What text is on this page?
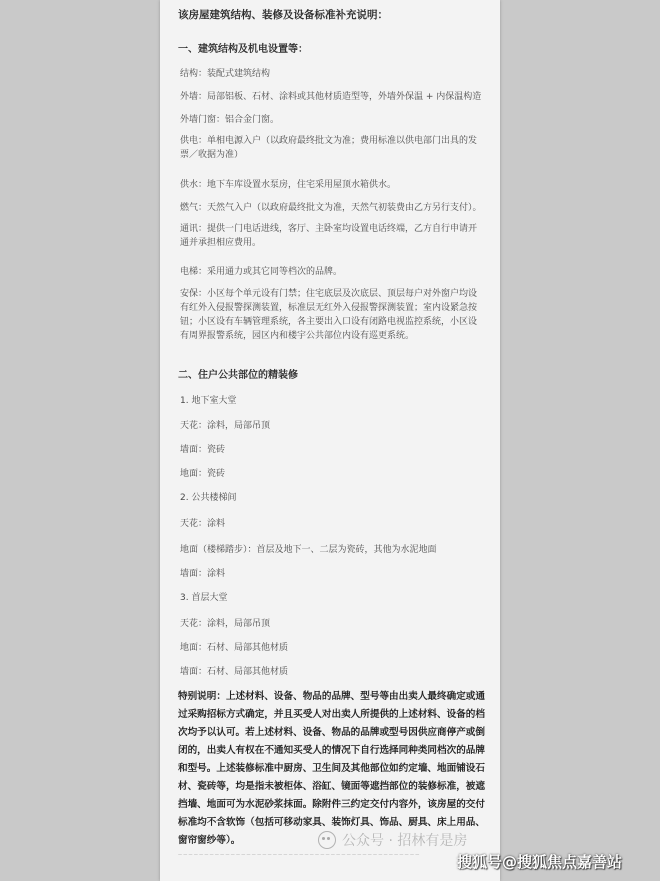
该房屋建筑结构、装修及设备标准补充说明：
一、建筑结构及机电设置等：
结构：装配式建筑结构
外墙：局部铝板、石材、涂料或其他材质造型等，外墙外保温 + 内保温构造
外墙门窗：铝合金门窗。
供电：单相电源入户（以政府最终批文为准；费用标准以供电部门出具的发票／收据为准）
供水：地下车库设置水泵房，住宅采用屋顶水箱供水。
燃气：天然气入户（以政府最终批文为准，天然气初装费由乙方另行支付）。
通讯：提供一门电话进线，客厅、主卧室均设置电话终端，乙方自行申请开通并承担相应费用。
电梯：采用通力或其它同等档次的品牌。
安保：小区每个单元设有门禁；住宅底层及次底层、顶层每户对外窗户均设有红外入侵报警探测装置，标准层无红外入侵报警探测装置；室内设紧急按钮；小区设有车辆管理系统，各主要出入口设有闭路电视监控系统，小区设有周界报警系统，园区内和楼宇公共部位内设有巡更系统。
二、住户公共部位的精装修
1. 地下室大堂
天花：涂料，局部吊顶
墙面：瓷砖
地面：瓷砖
2. 公共楼梯间
天花：涂料
地面（楼梯踏步）：首层及地下一、二层为瓷砖，其他为水泥地面
墙面：涂料
3. 首层大堂
天花：涂料，局部吊顶
地面：石材、局部其他材质
墙面：石材、局部其他材质
特别说明：上述材料、设备、物品的品牌、型号等由出卖人最终确定或通过采购招标方式确定，并且买受人对出卖人所提供的上述材料、设备的档次均予以认可。若上述材料、设备、物品的品牌或型号因供应商停产或倒闭的，出卖人有权在不通知买受人的情况下自行选择同种类同档次的品牌和型号。上述装修标准中厨房、卫生间及其他部位如约定墙、地面铺设石材、瓷砖等，均是指未被柜体、浴缸、镜面等遮挡部位的装修标准，被遮挡墙、地面可为水泥砂浆抹面。除附件三约定交付内容外，该房屋的交付标准均不含软饰（包括可移动家具、装饰灯具、饰品、厨具、床上用品、窗帘窗纱等）。
— — — — — — — — — — — — — — — — — — — — — — — — — — — — — — — — — — — — — — — — — — — — — —
公众号 · 招林有是房
搜狐号@搜狐焦点嘉善站
